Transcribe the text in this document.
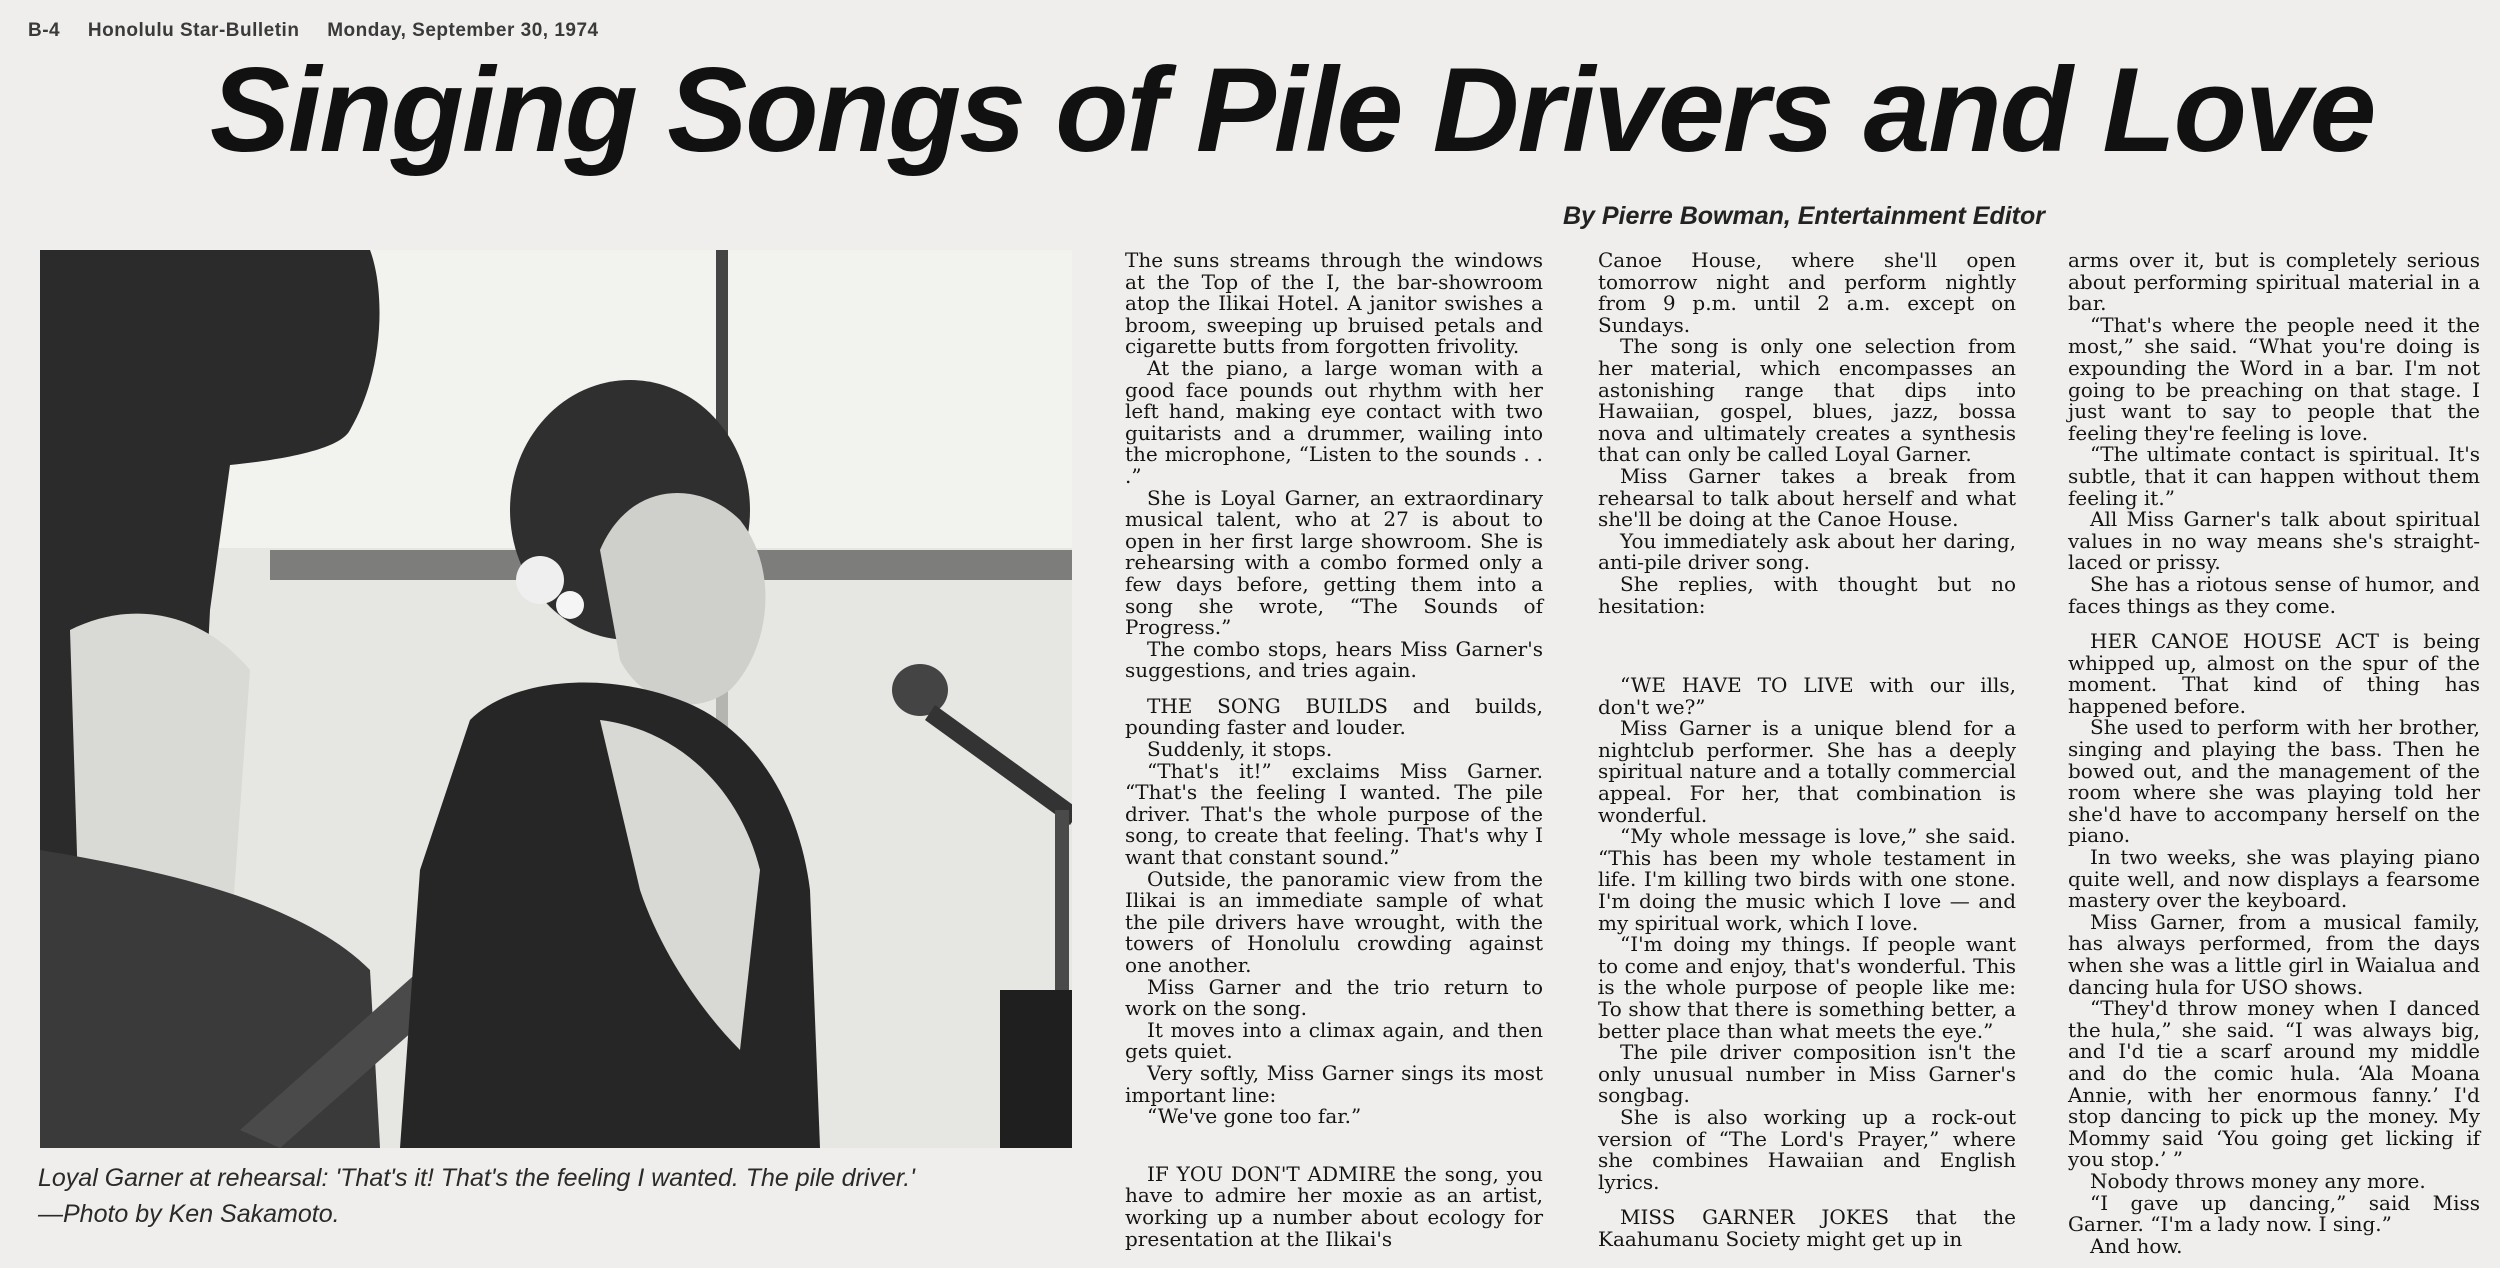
B-4 Honolulu Star-Bulletin Monday, September 30, 1974
Singing Songs of Pile Drivers and Love
By Pierre Bowman, Entertainment Editor
Loyal Garner at rehearsal: 'That's it! That's the feeling I wanted. The pile driver.'
—Photo by Ken Sakamoto.

The suns streams through the windows at the Top of the I, the bar-showroom atop the Ilikai Hotel. A janitor swishes a broom, sweeping up bruised petals and cigarette butts from forgotten frivolity.

At the piano, a large woman with a good face pounds out rhythm with her left hand, making eye contact with two guitarists and a drummer, wailing into the microphone, “Listen to the sounds . . .”

She is Loyal Garner, an extraordinary musical talent, who at 27 is about to open in her first large showroom. She is rehearsing with a combo formed only a few days before, getting them into a song she wrote, “The Sounds of Progress.”

The combo stops, hears Miss Garner's suggestions, and tries again.

THE SONG BUILDS and builds, pounding faster and louder.

Suddenly, it stops.

“That's it!” exclaims Miss Garner. “That's the feeling I wanted. The pile driver. That's the whole purpose of the song, to create that feeling. That's why I want that constant sound.”

Outside, the panoramic view from the Ilikai is an immediate sample of what the pile drivers have wrought, with the towers of Honolulu crowding against one another.

Miss Garner and the trio return to work on the song.

It moves into a climax again, and then gets quiet.

Very softly, Miss Garner sings its most important line:

“We've gone too far.”

IF YOU DON'T ADMIRE the song, you have to admire her moxie as an artist, working up a number about ecology for presentation at the Ilikai's

Canoe House, where she'll open tomorrow night and perform nightly from 9 p.m. until 2 a.m. except on Sundays.

The song is only one selection from her material, which encompasses an astonishing range that dips into Hawaiian, gospel, blues, jazz, bossa nova and ultimately creates a synthesis that can only be called Loyal Garner.

Miss Garner takes a break from rehearsal to talk about herself and what she'll be doing at the Canoe House.

You immediately ask about her daring, anti-pile driver song.

She replies, with thought but no hesitation:

“WE HAVE TO LIVE with our ills, don't we?”

Miss Garner is a unique blend for a nightclub performer. She has a deeply spiritual nature and a totally commercial appeal. For her, that combination is wonderful.

“My whole message is love,” she said. “This has been my whole testament in life. I'm killing two birds with one stone. I'm doing the music which I love — and my spiritual work, which I love.

“I'm doing my things. If people want to come and enjoy, that's wonderful. This is the whole purpose of people like me: To show that there is something better, a better place than what meets the eye.”

The pile driver composition isn't the only unusual number in Miss Garner's songbag.

She is also working up a rock-out version of “The Lord's Prayer,” where she combines Hawaiian and English lyrics.

MISS GARNER JOKES that the Kaahumanu Society might get up in

arms over it, but is completely serious about performing spiritual material in a bar.

“That's where the people need it the most,” she said. “What you're doing is expounding the Word in a bar. I'm not going to be preaching on that stage. I just want to say to people that the feeling they're feeling is love.

“The ultimate contact is spiritual. It's subtle, that it can happen without them feeling it.”

All Miss Garner's talk about spiritual values in no way means she's straight-laced or prissy.

She has a riotous sense of humor, and faces things as they come.

HER CANOE HOUSE ACT is being whipped up, almost on the spur of the moment. That kind of thing has happened before.

She used to perform with her brother, singing and playing the bass. Then he bowed out, and the management of the room where she was playing told her she'd have to accompany herself on the piano.

In two weeks, she was playing piano quite well, and now displays a fearsome mastery over the keyboard.

Miss Garner, from a musical family, has always performed, from the days when she was a little girl in Waialua and dancing hula for USO shows.

“They'd throw money when I danced the hula,” she said. “I was always big, and I'd tie a scarf around my middle and do the comic hula. ‘Ala Moana Annie, with her enormous fanny.’ I'd stop dancing to pick up the money. My Mommy said ‘You going get licking if you stop.’ ”

Nobody throws money any more.

“I gave up dancing,” said Miss Garner. “I'm a lady now. I sing.”

And how.
